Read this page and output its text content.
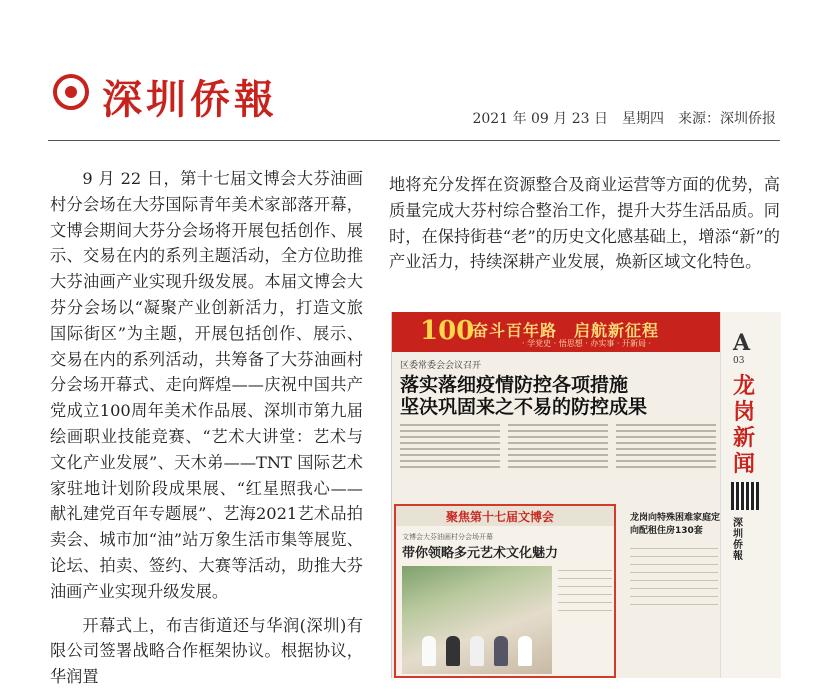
深圳侨報	2021 年 09 月 23 日　星期四　来源：深圳侨报

9 月 22 日，第十七届文博会大芬油画村分会场在大芬国际青年美术家部落开幕，文博会期间大芬分会场将开展包括创作、展示、交易在内的系列主题活动，全方位助推大芬油画产业实现升级发展。本届文博会大芬分会场以“凝聚产业创新活力，打造文旅国际街区”为主题，开展包括创作、展示、交易在内的系列活动，共筹备了大芬油画村分会场开幕式、走向辉煌——庆祝中国共产党成立100周年美术作品展、深圳市第九届绘画职业技能竞赛、“艺术大讲堂：艺术与文化产业发展”、天木弟——TNT 国际艺术家驻地计划阶段成果展、“红星照我心——献礼建党百年专题展”、艺海2021艺术品拍卖会、城市加“油”站万象生活市集等展览、论坛、拍卖、签约、大赛等活动，助推大芬油画产业实现升级发展。

开幕式上，布吉街道还与华润(深圳)有限公司签署战略合作框架协议。根据协议，华润置

地将充分发挥在资源整合及商业运营等方面的优势，高质量完成大芬村综合整治工作，提升大芬生活品质。同时，在保持街巷“老”的历史文化感基础上，增添“新”的产业活力，持续深耕产业发展，焕新区域文化特色。

100
奋斗百年路　启航新征程
· 学党史 · 悟思想 · 办实事 · 开新局 ·
区委常委会会议召开
落实落细疫情防控各项措施
坚决巩固来之不易的防控成果
聚焦第十七届文博会
文博会大芬油画村分会场开幕
带你领略多元艺术文化魅力
龙岗向特殊困难家庭定向配租住房130套
A
03
龙岗新闻
深圳侨報
